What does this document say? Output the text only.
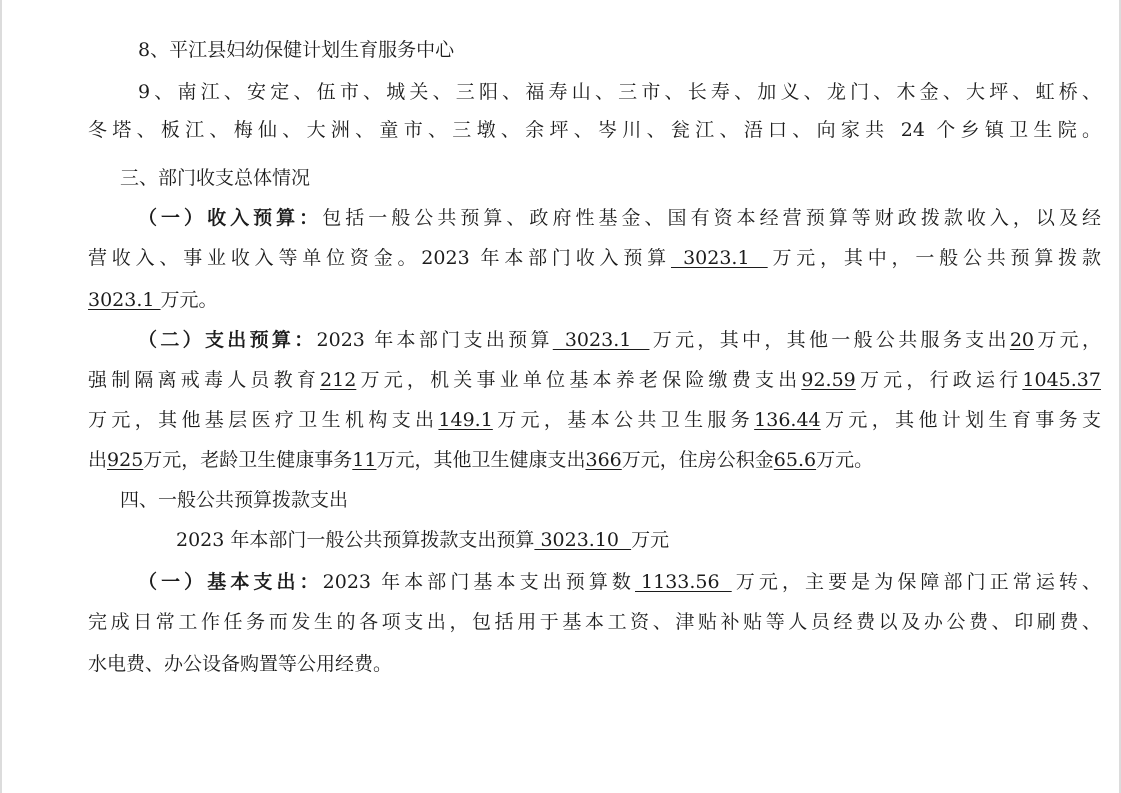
8、平江县妇幼保健计划生育服务中心
9、南江、安定、伍市、城关、三阳、福寿山、三市、长寿、加义、龙门、木金、大坪、虹桥、
冬塔、板江、梅仙、大洲、童市、三墩、余坪、岑川、瓮江、浯口、向家共 24 个乡镇卫生院。
三、部门收支总体情况
（一）收入预算：包括一般公共预算、政府性基金、国有资本经营预算等财政拨款收入，以及经
营收入、事业收入等单位资金。2023 年本部门收入预算  3023.1   万元，其中，一般公共预算拨款
3023.1 万元。
（二）支出预算：2023 年本部门支出预算  3023.1   万元，其中，其他一般公共服务支出20万元，
强制隔离戒毒人员教育212万元，机关事业单位基本养老保险缴费支出92.59万元，行政运行1045.37
万元，其他基层医疗卫生机构支出149.1万元，基本公共卫生服务136.44万元，其他计划生育事务支
出925万元，老龄卫生健康事务11万元，其他卫生健康支出366万元，住房公积金65.6万元。
四、一般公共预算拨款支出
2023 年本部门一般公共预算拨款支出预算 3023.10  万元
（一）基本支出：2023 年本部门基本支出预算数 1133.56  万元，主要是为保障部门正常运转、
完成日常工作任务而发生的各项支出，包括用于基本工资、津贴补贴等人员经费以及办公费、印刷费、
水电费、办公设备购置等公用经费。
